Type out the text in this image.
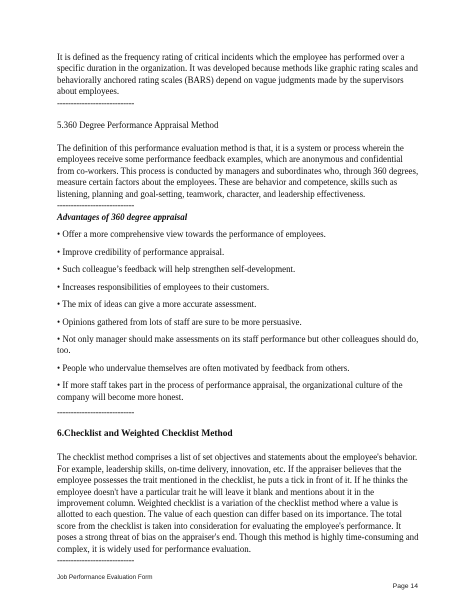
It is defined as the frequency rating of critical incidents which the employee has performed over a specific duration in the organization. It was developed because methods like graphic rating scales and behaviorally anchored rating scales (BARS) depend on vague judgments made by the supervisors about employees.

----------------------------

5.360 Degree Performance Appraisal Method

The definition of this performance evaluation method is that, it is a system or process wherein the employees receive some performance feedback examples, which are anonymous and confidential from co-workers. This process is conducted by managers and subordinates who, through 360 degrees, measure certain factors about the employees. These are behavior and competence, skills such as listening, planning and goal-setting, teamwork, character, and leadership effectiveness.

----------------------------

Advantages of 360 degree appraisal

• Offer a more comprehensive view towards the performance of employees.

• Improve credibility of performance appraisal.

• Such colleague’s feedback will help strengthen self-development.

• Increases responsibilities of employees to their customers.

• The mix of ideas can give a more accurate assessment.

• Opinions gathered from lots of staff are sure to be more persuasive.

• Not only manager should make assessments on its staff performance but other colleagues should do, too.

• People who undervalue themselves are often motivated by feedback from others.

• If more staff takes part in the process of performance appraisal, the organizational culture of the company will become more honest.

----------------------------

6.Checklist and Weighted Checklist Method

The checklist method comprises a list of set objectives and statements about the employee's behavior. For example, leadership skills, on-time delivery, innovation, etc. If the appraiser believes that the employee possesses the trait mentioned in the checklist, he puts a tick in front of it. If he thinks the employee doesn't have a particular trait he will leave it blank and mentions about it in the improvement column. Weighted checklist is a variation of the checklist method where a value is allotted to each question. The value of each question can differ based on its importance. The total score from the checklist is taken into consideration for evaluating the employee's performance. It poses a strong threat of bias on the appraiser's end. Though this method is highly time-consuming and complex, it is widely used for performance evaluation.

----------------------------
Job Performance Evaluation Form
Page 14
